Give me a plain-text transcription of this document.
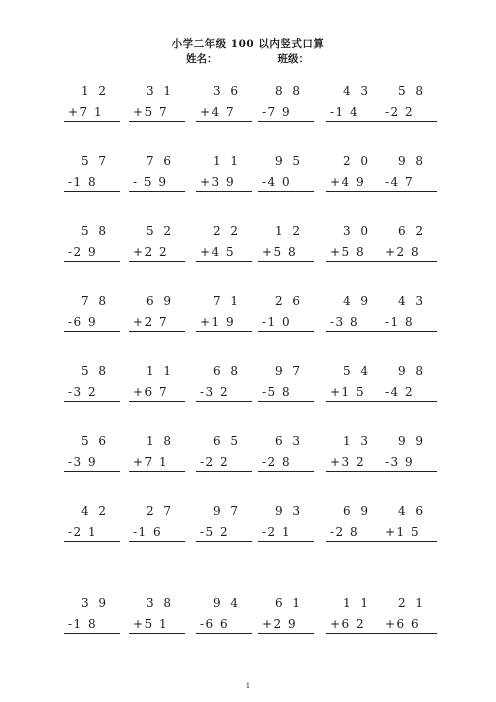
小学二年级 100 以内竖式口算
姓名：	班级：
1 2
+7 1
3 1
+5 7
3 6
+4 7
8 8
-7 9
4 3
-1 4
5 8
-2 2
5 7
-1 8
7 6
- 5 9
1 1
+3 9
9 5
-4 0
2 0
+4 9
9 8
-4 7
5 8
-2 9
5 2
+2 2
2 2
+4 5
1 2
+5 8
3 0
+5 8
6 2
+2 8
7 8
-6 9
6 9
+2 7
7 1
+1 9
2 6
-1 0
4 9
-3 8
4 3
-1 8
5 8
-3 2
1 1
+6 7
6 8
-3 2
9 7
-5 8
5 4
+1 5
9 8
-4 2
5 6
-3 9
1 8
+7 1
6 5
-2 2
6 3
-2 8
1 3
+3 2
9 9
-3 9
4 2
-2 1
2 7
-1 6
9 7
-5 2
9 3
-2 1
6 9
-2 8
4 6
+1 5
3 9
-1 8
3 8
+5 1
9 4
-6 6
6 1
+2 9
1 1
+6 2
2 1
+6 6
1
